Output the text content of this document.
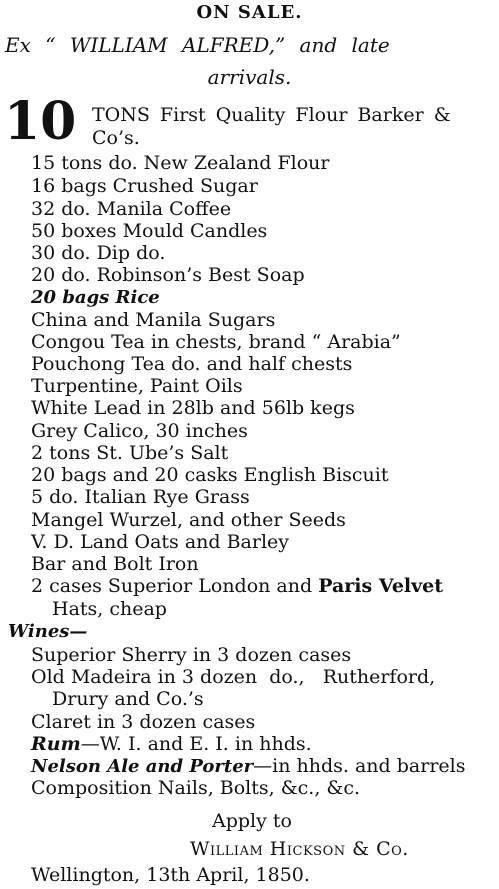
ON SALE.
Ex “ WILLIAM ALFRED,” and late
arrivals.
10 TONS First Quality Flour Barker &
Co’s.
15 tons do. New Zealand Flour
16 bags Crushed Sugar
32 do. Manila Coffee
50 boxes Mould Candles
30 do. Dip do.
20 do. Robinson’s Best Soap
20 bags Rice
China and Manila Sugars
Congou Tea in chests, brand “ Arabia”
Pouchong Tea do. and half chests
Turpentine, Paint Oils
White Lead in 28lb and 56lb kegs
Grey Calico, 30 inches
2 tons St. Ube’s Salt
20 bags and 20 casks English Biscuit
5 do. Italian Rye Grass
Mangel Wurzel, and other Seeds
V. D. Land Oats and Barley
Bar and Bolt Iron
2 cases Superior London and Paris Velvet
Hats, cheap
Wines—
Superior Sherry in 3 dozen cases
Old Madeira in 3 dozen  do.,   Rutherford,
Drury and Co.’s
Claret in 3 dozen cases
Rum—W. I. and E. I. in hhds.
Nelson Ale and Porter—in hhds. and barrels
Composition Nails, Bolts, &c., &c.
Apply to
William Hickson & Co.
Wellington, 13th April, 1850.
